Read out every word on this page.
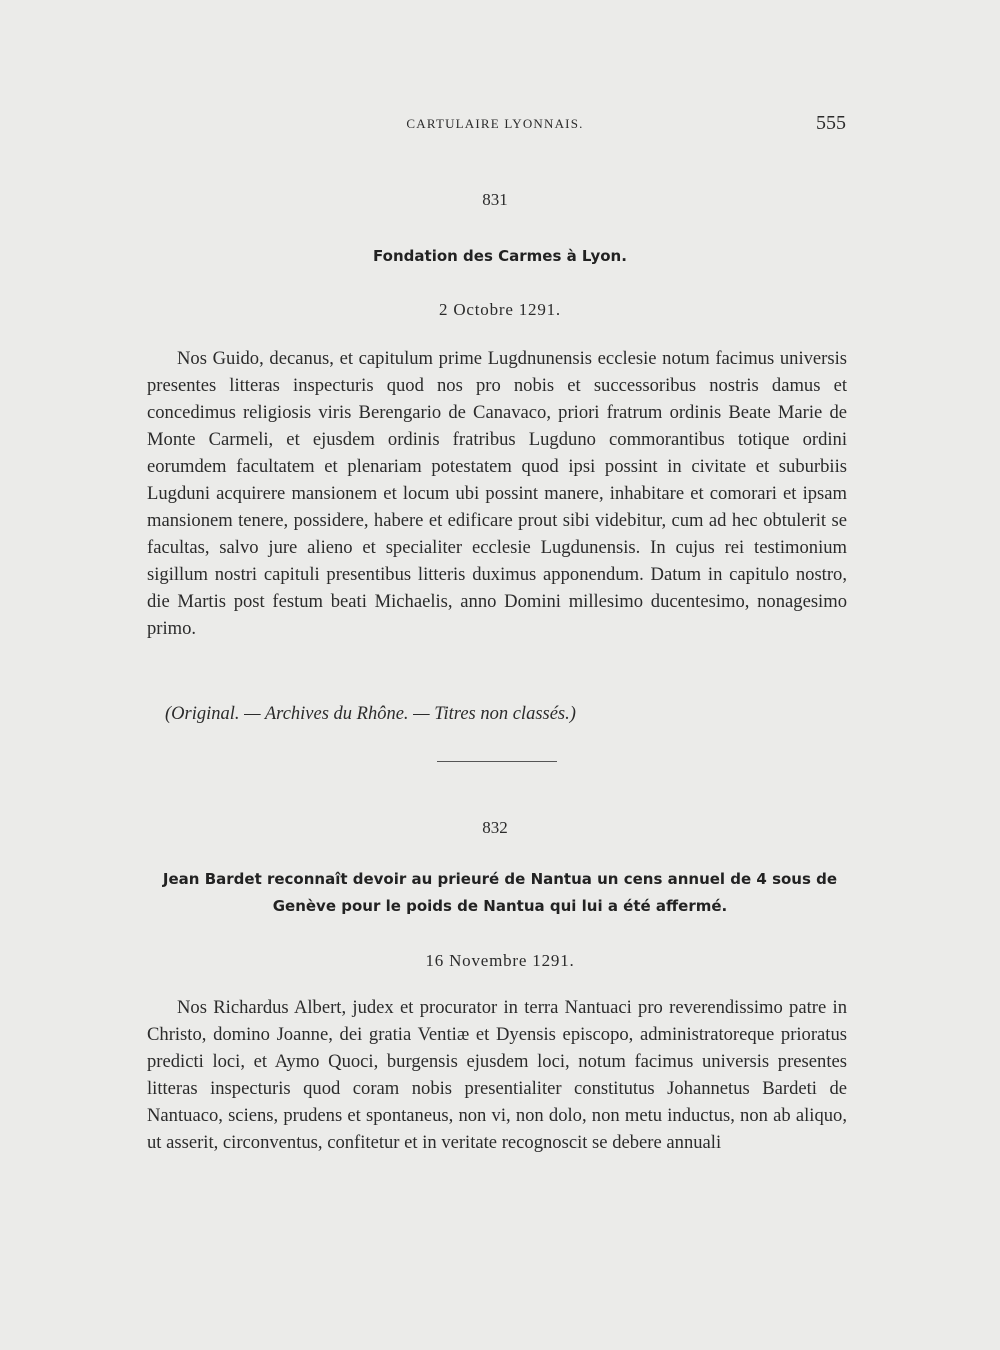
CARTULAIRE LYONNAIS.	555
831
Fondation des Carmes à Lyon.
2 Octobre 1291.

Nos Guido, decanus, et capitulum prime Lugdnunensis ecclesie notum facimus universis presentes litteras inspecturis quod nos pro nobis et successoribus nostris damus et concedimus religiosis viris Berengario de Canavaco, priori fratrum ordinis Beate Marie de Monte Carmeli, et ejusdem ordinis fratribus Lugduno commorantibus totique ordini eorumdem facultatem et plenariam potestatem quod ipsi possint in civitate et suburbiis Lugduni acquirere mansionem et locum ubi possint manere, inhabitare et comorari et ipsam mansionem tenere, possidere, habere et edificare prout sibi videbitur, cum ad hec obtulerit se facultas, salvo jure alieno et specialiter ecclesie Lugdunensis. In cujus rei testimonium sigillum nostri capituli presentibus litteris duximus apponendum. Datum in capitulo nostro, die Martis post festum beati Michaelis, anno Domini millesimo ducentesimo, nonagesimo primo.

(Original. — Archives du Rhône. — Titres non classés.)
832
Jean Bardet reconnaît devoir au prieuré de Nantua un cens annuel de 4 sous de Genève pour le poids de Nantua qui lui a été affermé.
16 Novembre 1291.

Nos Richardus Albert, judex et procurator in terra Nantuaci pro reverendissimo patre in Christo, domino Joanne, dei gratia Ventiæ et Dyensis episcopo, administratoreque prioratus predicti loci, et Aymo Quoci, burgensis ejusdem loci, notum facimus universis presentes litteras inspecturis quod coram nobis presentialiter constitutus Johannetus Bardeti de Nantuaco, sciens, prudens et spontaneus, non vi, non dolo, non metu inductus, non ab aliquo, ut asserit, circonventus, confitetur et in veritate recognoscit se debere annuali
